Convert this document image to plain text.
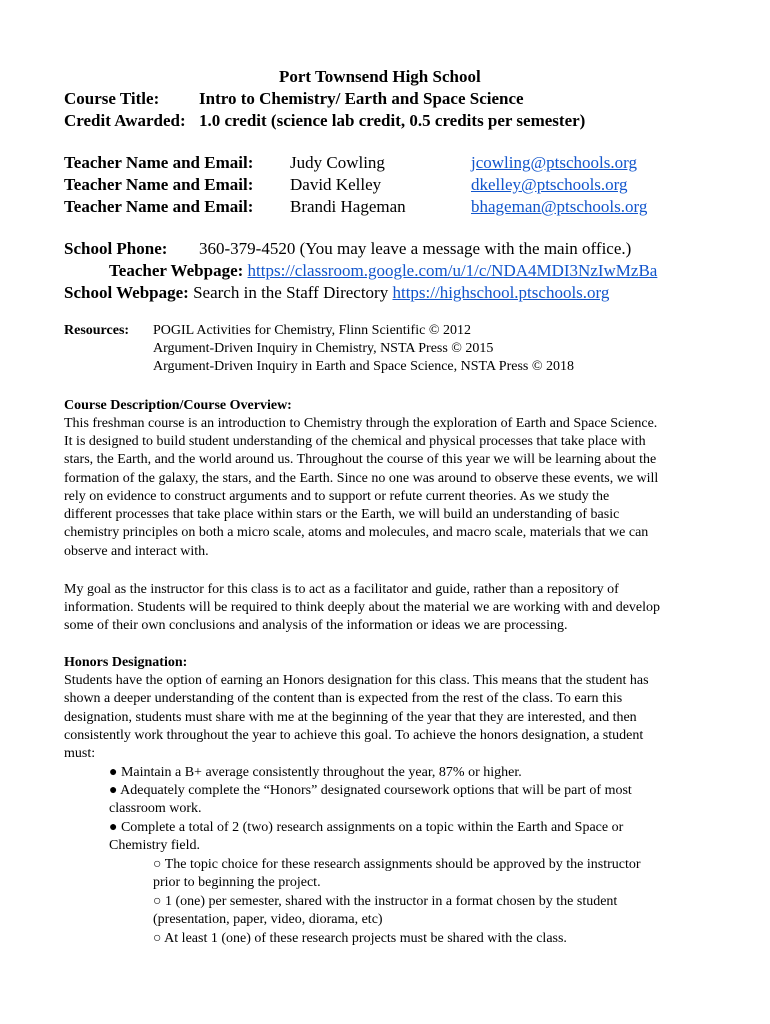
Port Townsend High School
Course Title: Intro to Chemistry/ Earth and Space Science
Credit Awarded: 1.0 credit (science lab credit, 0.5 credits per semester)
Teacher Name and Email: Judy Cowling	jcowling@ptschools.org
Teacher Name and Email: David Kelley	dkelley@ptschools.org
Teacher Name and Email: Brandi Hageman	bhageman@ptschools.org
School Phone: 360-379-4520 (You may leave a message with the main office.)
Teacher Webpage: https://classroom.google.com/u/1/c/NDA4MDI3NzIwMzBa
School Webpage: Search in the Staff Directory https://highschool.ptschools.org
Resources: POGIL Activities for Chemistry, Flinn Scientific © 2012
Argument-Driven Inquiry in Chemistry, NSTA Press © 2015
Argument-Driven Inquiry in Earth and Space Science, NSTA Press © 2018
Course Description/Course Overview:
This freshman course is an introduction to Chemistry through the exploration of Earth and Space Science.
It is designed to build student understanding of the chemical and physical processes that take place with
stars, the Earth, and the world around us. Throughout the course of this year we will be learning about the
formation of the galaxy, the stars, and the Earth. Since no one was around to observe these events, we will
rely on evidence to construct arguments and to support or refute current theories. As we study the
different processes that take place within stars or the Earth, we will build an understanding of basic
chemistry principles on both a micro scale, atoms and molecules, and macro scale, materials that we can
observe and interact with.
My goal as the instructor for this class is to act as a facilitator and guide, rather than a repository of
information. Students will be required to think deeply about the material we are working with and develop
some of their own conclusions and analysis of the information or ideas we are processing.
Honors Designation:
Students have the option of earning an Honors designation for this class. This means that the student has
shown a deeper understanding of the content than is expected from the rest of the class. To earn this
designation, students must share with me at the beginning of the year that they are interested, and then
consistently work throughout the year to achieve this goal. To achieve the honors designation, a student
must:
● Maintain a B+ average consistently throughout the year, 87% or higher.
● Adequately complete the “Honors” designated coursework options that will be part of most
classroom work.
● Complete a total of 2 (two) research assignments on a topic within the Earth and Space or
Chemistry field.
○ The topic choice for these research assignments should be approved by the instructor
prior to beginning the project.
○ 1 (one) per semester, shared with the instructor in a format chosen by the student
(presentation, paper, video, diorama, etc)
○ At least 1 (one) of these research projects must be shared with the class.
